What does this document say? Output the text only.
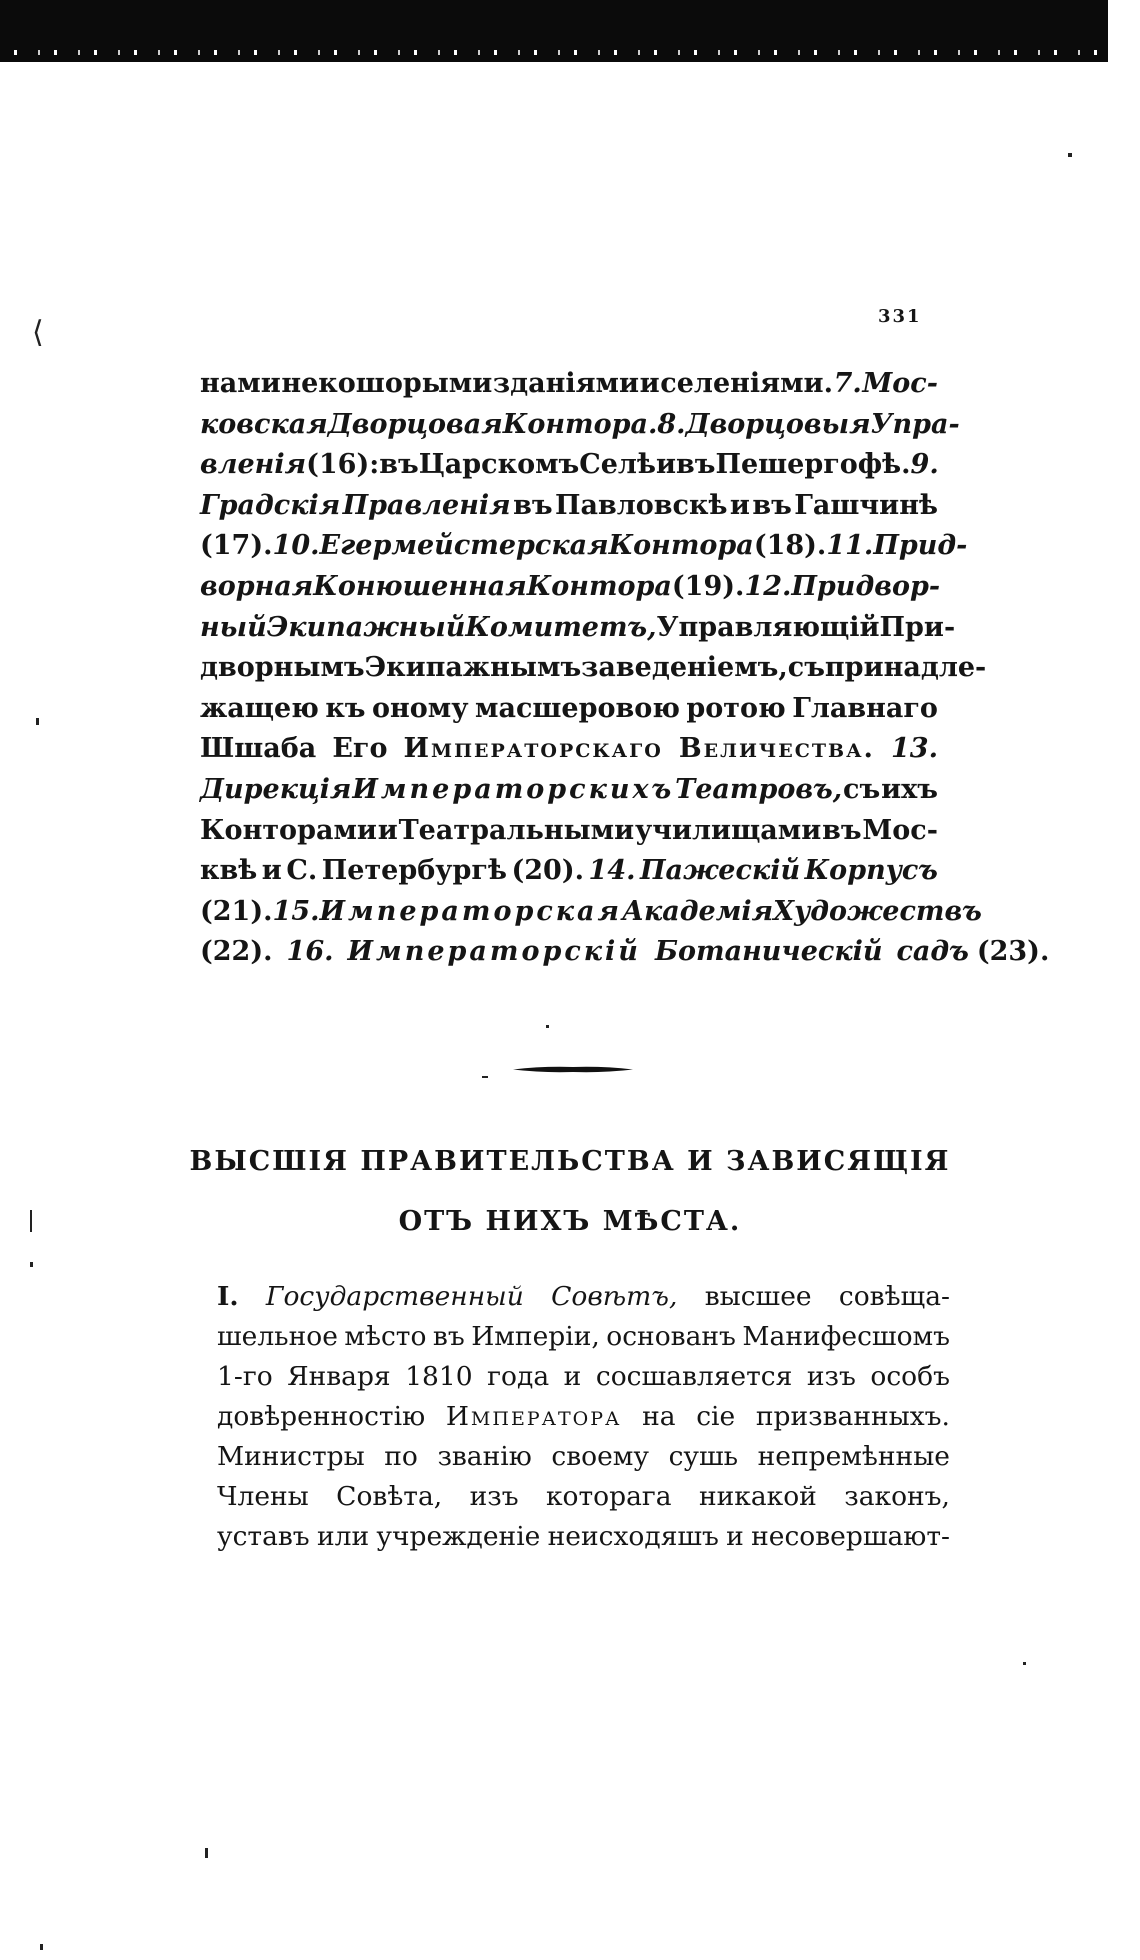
⟨	331
нами некошорыми зданіями и селеніями. 7. Мос-
ковская Дворцовая Контора. 8. Дворцовыя Упра-
вленія (16): въ Царскомъ Селѣ и въ Пешергофѣ. 9.
Градскія Правленія въ Павловскѣ и въ Гашчинѣ
(17). 10. Егермейстерская Контора (18). 11. Прид-
ворная Конюшенная Контора (19). 12. Придвор-
ный Экипажный Комитетъ, Управляющій При-
дворнымъ Экипажнымъ заведеніемъ, съ принадле-
жащею къ оному масшеровою ротою Главнаго
Шшаба Его Императорскаго Величества. 13.
Дирекція Императорскихъ Театровъ, съ ихъ
Конторами и Театральными училищами въ Мос-
квѣ и С. Петербургѣ (20). 14. Пажескій Корпусъ
(21). 15. Императорская Академія Художествъ
(22). 16. Императорскій Ботаническій садъ (23).
ВЫСШІЯ ПРАВИТЕЛЬСТВА И ЗАВИСЯЩІЯ
ОТЪ НИХЪ МѢСТА.
I. Государственный Совѣтъ, высшее совѣща-
шельное мѣсто въ Имперіи, основанъ Манифесшомъ
1-го Января 1810 года и сосшавляется изъ особъ
довѣренностію Императора на сіе призванныхъ.
Министры по званію своему сушь непремѣнные
Члены Совѣта, изъ которага никакой законъ,
уставъ или учрежденіе неисходяшъ и несовершают-
